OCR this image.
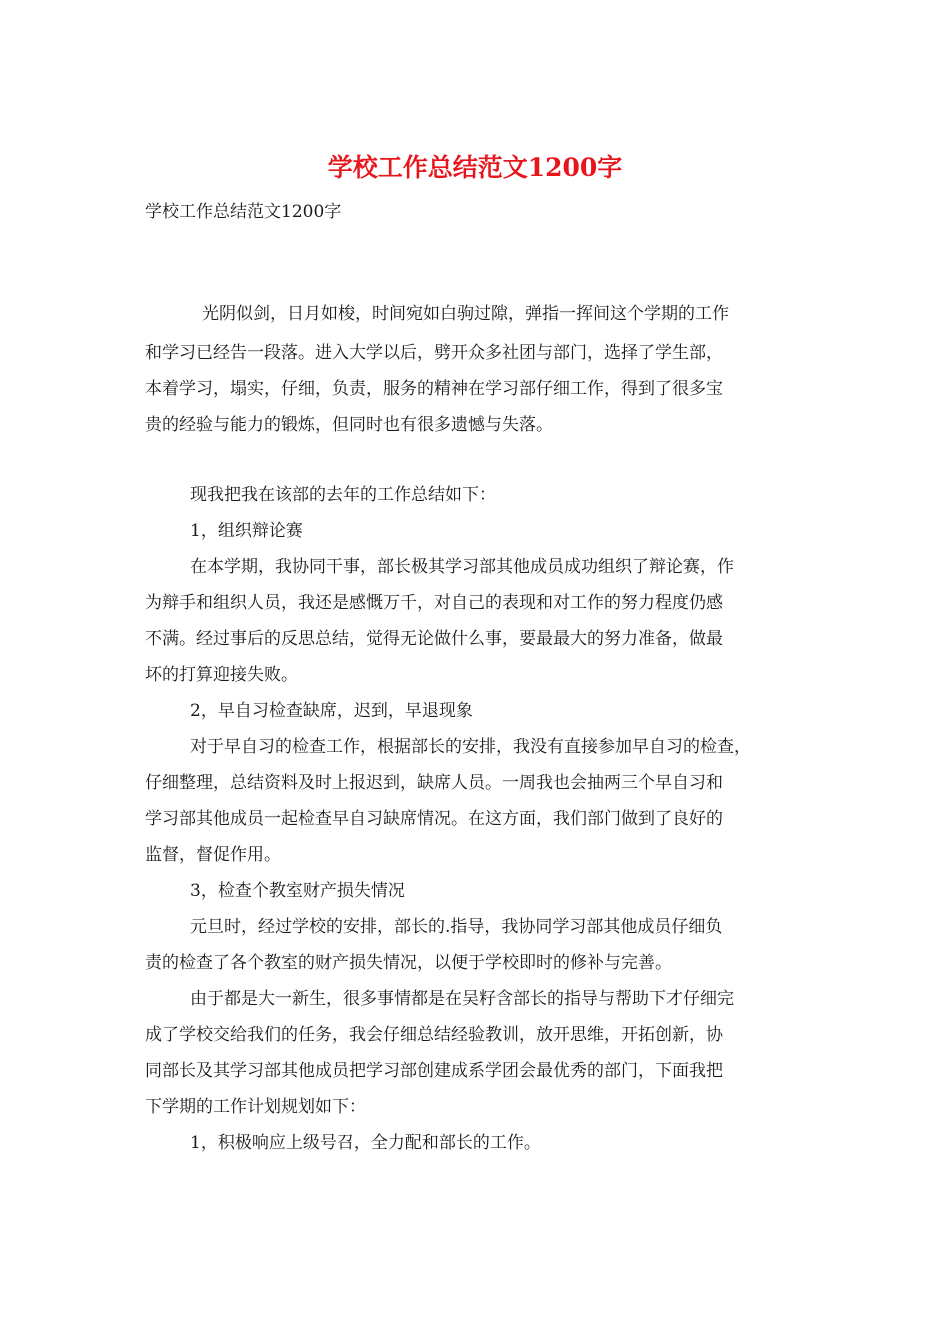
学校工作总结范文1200字
学校工作总结范文1200字
光阴似剑，日月如梭，时间宛如白驹过隙，弹指一挥间这个学期的工作
和学习已经告一段落。进入大学以后，劈开众多社团与部门，选择了学生部，
本着学习，塌实，仔细，负责，服务的精神在学习部仔细工作，得到了很多宝
贵的经验与能力的锻炼，但同时也有很多遗憾与失落。
现我把我在该部的去年的工作总结如下：
1，组织辩论赛
在本学期，我协同干事，部长极其学习部其他成员成功组织了辩论赛，作
为辩手和组织人员，我还是感慨万千，对自己的表现和对工作的努力程度仍感
不满。经过事后的反思总结，觉得无论做什么事，要最最大的努力准备，做最
坏的打算迎接失败。
2，早自习检查缺席，迟到，早退现象
对于早自习的检查工作，根据部长的安排，我没有直接参加早自习的检查，
仔细整理，总结资料及时上报迟到，缺席人员。一周我也会抽两三个早自习和
学习部其他成员一起检查早自习缺席情况。在这方面，我们部门做到了良好的
监督，督促作用。
3，检查个教室财产损失情况
元旦时，经过学校的安排，部长的.指导，我协同学习部其他成员仔细负
责的检查了各个教室的财产损失情况，以便于学校即时的修补与完善。
由于都是大一新生，很多事情都是在吴籽含部长的指导与帮助下才仔细完
成了学校交给我们的任务，我会仔细总结经验教训，放开思维，开拓创新，协
同部长及其学习部其他成员把学习部创建成系学团会最优秀的部门，下面我把
下学期的工作计划规划如下：
1，积极响应上级号召，全力配和部长的工作。
